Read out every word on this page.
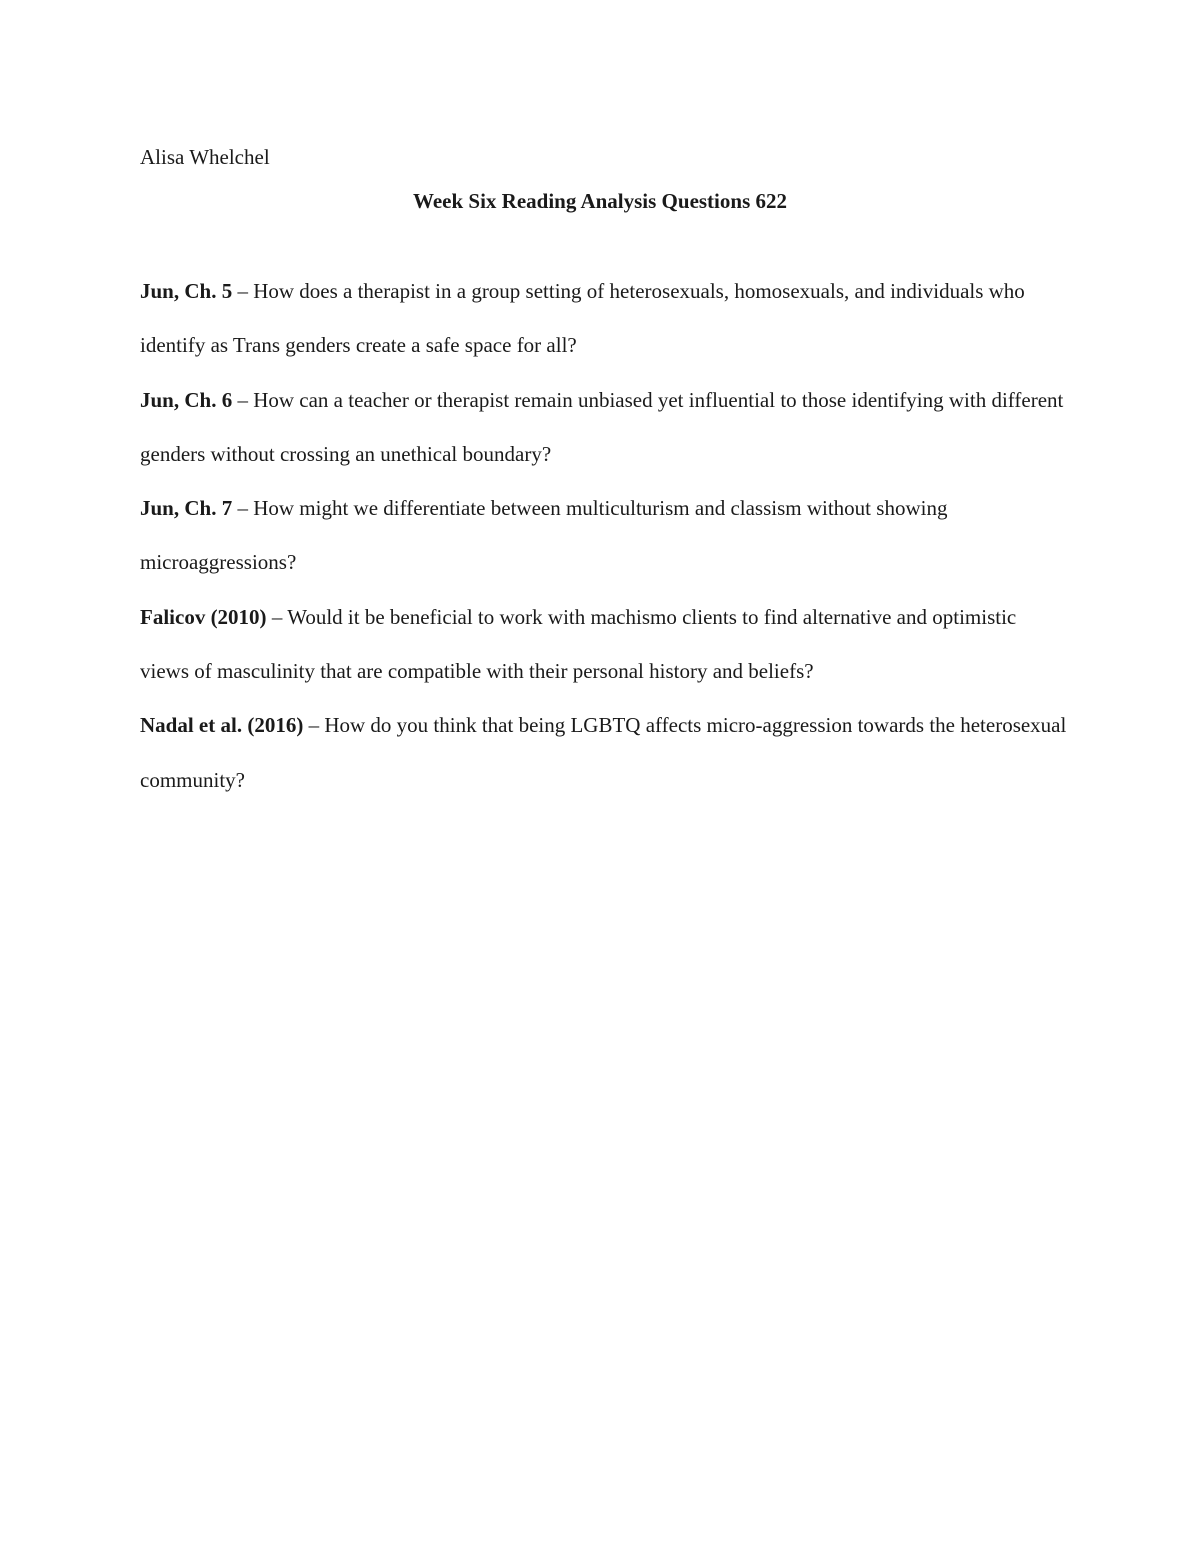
Alisa Whelchel
Week Six Reading Analysis Questions 622
Jun, Ch. 5 – How does a therapist in a group setting of heterosexuals, homosexuals, and individuals who identify as Trans genders create a safe space for all?
Jun, Ch. 6 – How can a teacher or therapist remain unbiased yet influential to those identifying with different genders without crossing an unethical boundary?
Jun, Ch. 7 – How might we differentiate between multiculturism and classism without showing microaggressions?
Falicov (2010) – Would it be beneficial to work with machismo clients to find alternative and optimistic views of masculinity that are compatible with their personal history and beliefs?
Nadal et al. (2016) – How do you think that being LGBTQ affects micro-aggression towards the heterosexual community?
